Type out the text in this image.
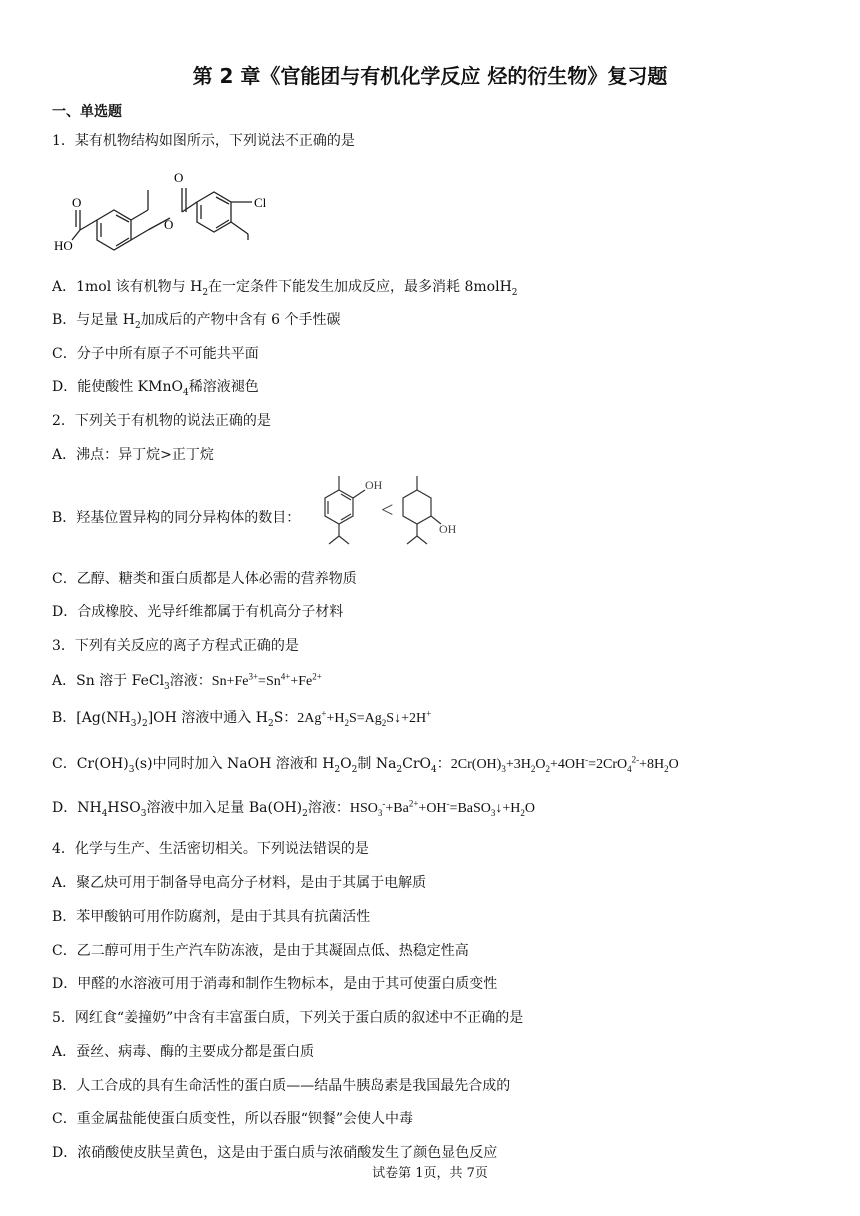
第 2 章《官能团与有机化学反应 烃的衍生物》复习题
一、单选题
1．某有机物结构如图所示，下列说法不正确的是
O
HO
O
O
Cl
A．1mol 该有机物与 $H_2$在一定条件下能发生加成反应，最多消耗 8molH$_2$
B．与足量 $H_2$加成后的产物中含有 6 个手性碳
C．分子中所有原子不可能共平面
D．能使酸性 KMnO$_4$稀溶液褪色
2．下列关于有机物的说法正确的是
A．沸点：异丁烷>正丁烷
B．羟基位置异构的同分异构体的数目：
OH
OH
<
C．乙醇、糖类和蛋白质都是人体必需的营养物质
D．合成橡胶、光导纤维都属于有机高分子材料
3．下列有关反应的离子方程式正确的是
A．Sn 溶于 FeCl$_3$溶液：$Sn+Fe^{3+}=Sn^{4+}+Fe^{2+}$
B．$[Ag(NH_3)_2]OH$ 溶液中通入 $H_2S$：$2Ag^++H_2S=Ag_2S↓+2H^+$
C．$Cr(OH)_3(s)$中同时加入 NaOH 溶液和 $H_2O_2$制 $Na_2CrO_4$：$2Cr(OH)_3+3H_2O_2+4OH^-=2CrO_4^{2-}+8H_2O$
D．$NH_4HSO_3$溶液中加入足量 $Ba(OH)_2$溶液：$HSO_3^-+Ba^{2+}+OH^-=BaSO_3↓+H_2O$
4．化学与生产、生活密切相关。下列说法错误的是
A．聚乙炔可用于制备导电高分子材料，是由于其属于电解质
B．苯甲酸钠可用作防腐剂，是由于其具有抗菌活性
C．乙二醇可用于生产汽车防冻液，是由于其凝固点低、热稳定性高
D．甲醛的水溶液可用于消毒和制作生物标本，是由于其可使蛋白质变性
5．网红食“姜撞奶”中含有丰富蛋白质，下列关于蛋白质的叙述中不正确的是
A．蚕丝、病毒、酶的主要成分都是蛋白质
B．人工合成的具有生命活性的蛋白质——结晶牛胰岛素是我国最先合成的
C．重金属盐能使蛋白质变性，所以吞服“钡餐”会使人中毒
D．浓硝酸使皮肤呈黄色，这是由于蛋白质与浓硝酸发生了颜色显色反应
试卷第 1页，共 7页
